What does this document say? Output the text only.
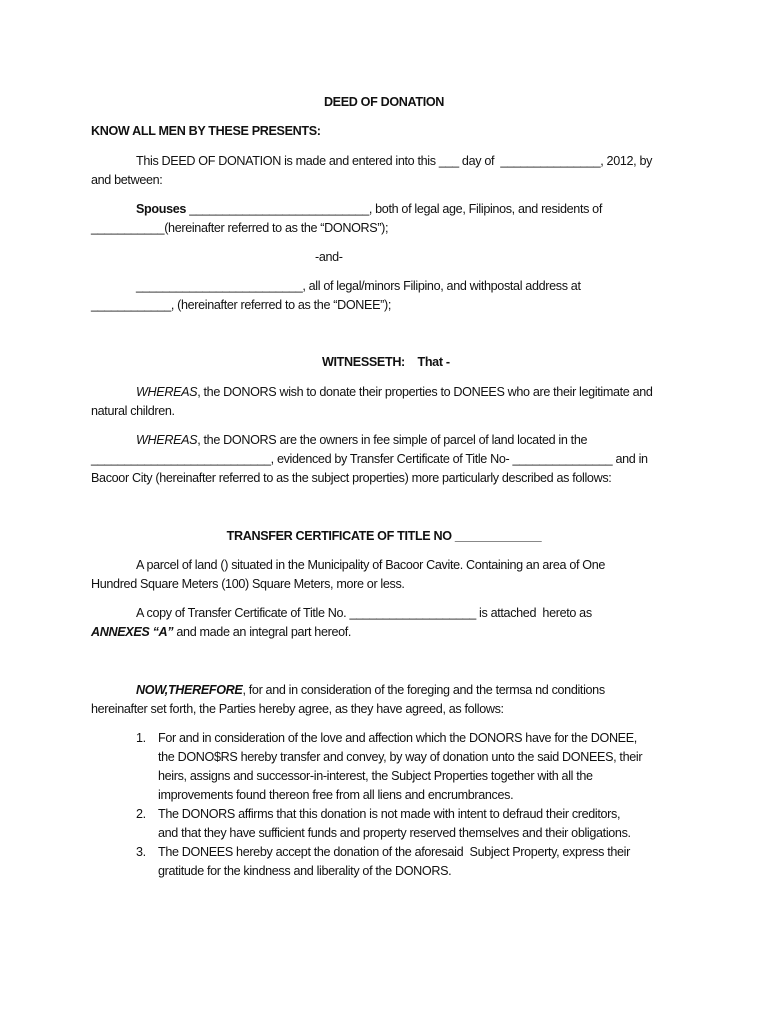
DEED OF DONATION
KNOW ALL MEN BY THESE PRESENTS:
This DEED OF DONATION is made and entered into this ___ day of  _______________, 2012, by
and between:
Spouses ___________________________, both of legal age, Filipinos, and residents of
___________(hereinafter referred to as the “DONORS”);
-and-
_________________________, all of legal/minors Filipino, and withpostal address at
____________, (hereinafter referred to as the “DONEE”);
WITNESSETH:    That -
WHEREAS, the DONORS wish to donate their properties to DONEES who are their legitimate and
natural children.
WHEREAS, the DONORS are the owners in fee simple of parcel of land located in the
___________________________, evidenced by Transfer Certificate of Title No- _______________ and in
Bacoor City (hereinafter referred to as the subject properties) more particularly described as follows:
TRANSFER CERTIFICATE OF TITLE NO _____________
A parcel of land () situated in the Municipality of Bacoor Cavite. Containing an area of One
Hundred Square Meters (100) Square Meters, more or less.
A copy of Transfer Certificate of Title No. ___________________ is attached  hereto as
ANNEXES “A” and made an integral part hereof.
NOW,THEREFORE, for and in consideration of the foreging and the termsa nd conditions
hereinafter set forth, the Parties hereby agree, as they have agreed, as follows:
1. For and in consideration of the love and affection which the DONORS have for the DONEE,
the DONO$RS hereby transfer and convey, by way of donation unto the said DONEES, their
heirs, assigns and successor-in-interest, the Subject Properties together with all the
improvements found thereon free from all liens and encrumbrances.
2. The DONORS affirms that this donation is not made with intent to defraud their creditors,
and that they have sufficient funds and property reserved themselves and their obligations.
3. The DONEES hereby accept the donation of the aforesaid  Subject Property, express their
gratitude for the kindness and liberality of the DONORS.
